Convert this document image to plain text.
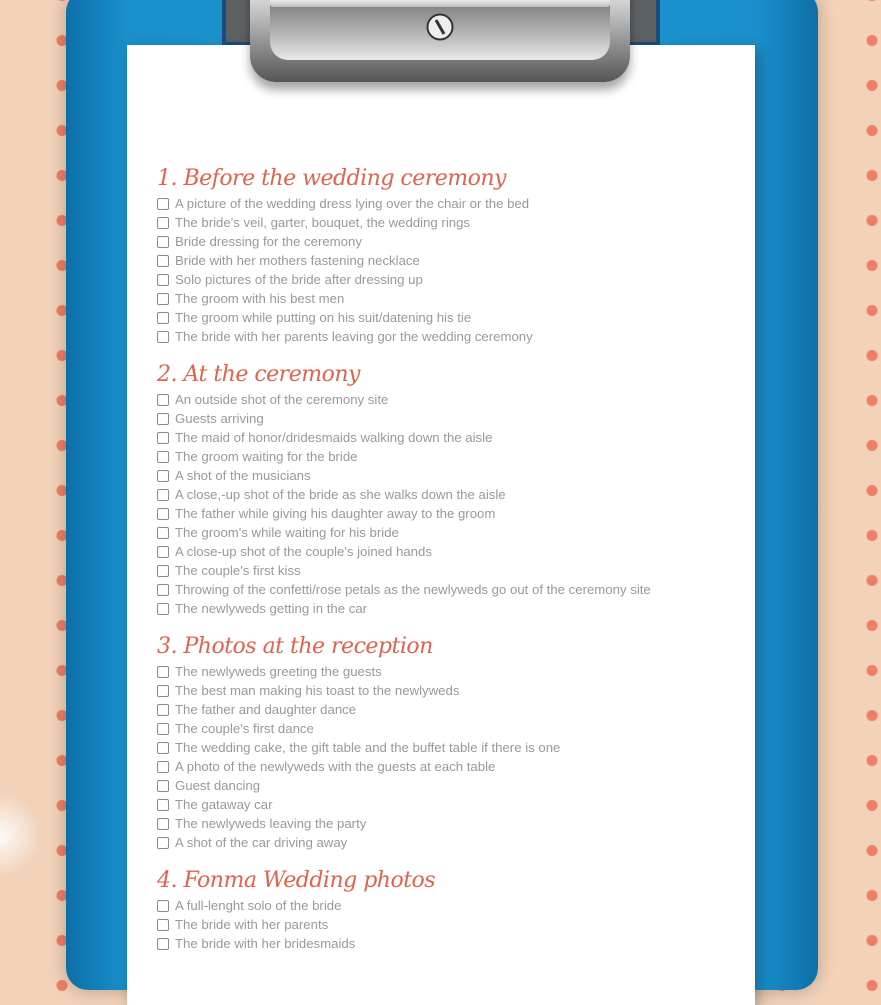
1. Before the wedding ceremony
A picture of the wedding dress lying over the chair or the bed
The bride's veil, garter, bouquet, the wedding rings
Bride dressing for the ceremony
Bride with her mothers fastening necklace
Solo pictures of the bride after dressing up
The groom with his best men
The groom while putting on his suit/datening his tie
The bride with her parents leaving gor the wedding ceremony
2. At the ceremony
An outside shot of the ceremony site
Guests arriving
The maid of honor/dridesmaids walking down the aisle
The groom waiting for the bride
A shot of the musicians
A close,-up shot of the bride as she walks down the aisle
The father while giving his daughter away to the groom
The groom's while waiting for his bride
A close-up shot of the couple's joined hands
The couple's first kiss
Throwing of the confetti/rose petals as the newlyweds go out of the ceremony site
The newlyweds getting in the car
3. Photos at the reception
The newlyweds greeting the guests
The best man making his toast to the newlyweds
The father and daughter dance
The couple's first dance
The wedding cake, the gift table and the buffet table if there is one
A photo of the newlyweds with the guests at each table
Guest dancing
The gataway car
The newlyweds leaving the party
A shot of the car driving away
4. Fonma Wedding photos
A full-lenght solo of the bride
The bride with her parents
The bride with her bridesmaids
